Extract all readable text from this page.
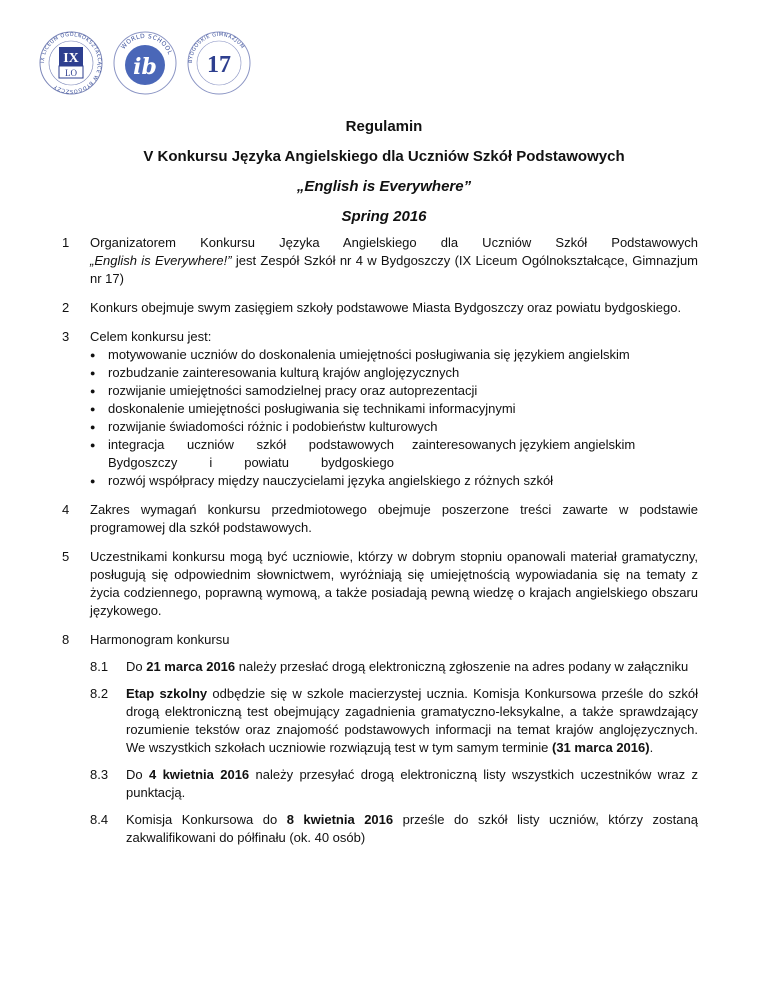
IX
LO
IX LICEUM OGÓLNOKSZTAŁCĄCE W BYDGOSZCZY
ib
WORLD SCHOOL 17
BYDGOSKIE GIMNAZJUM
Regulamin
V Konkursu Języka Angielskiego dla Uczniów Szkół Podstawowych
„English is Everywhere”
Spring 2016
1	Organizatorem Konkursu Języka Angielskiego dla Uczniów Szkół Podstawowych
„English is Everywhere!” jest Zespół Szkół nr 4 w Bydgoszczy (IX Liceum Ogólnokształcące, Gimnazjum nr 17)
2	Konkurs obejmuje swym zasięgiem szkoły podstawowe Miasta Bydgoszczy oraz powiatu bydgoskiego.
3	Celem konkursu jest:
● motywowanie uczniów do doskonalenia umiejętności posługiwania się językiem angielskim
● rozbudzanie zainteresowania kulturą krajów anglojęzycznych
● rozwijanie umiejętności samodzielnej pracy oraz autoprezentacji
● doskonalenie umiejętności posługiwania się technikami informacyjnymi
● rozwijanie świadomości różnic i podobieństw kulturowych
● integracja uczniów szkół podstawowych Bydgoszczy i powiatu bydgoskiego
zainteresowanych językiem angielskim
● rozwój współpracy między nauczycielami języka angielskiego z różnych szkół
4	Zakres wymagań konkursu przedmiotowego obejmuje poszerzone treści zawarte w podstawie programowej dla szkół podstawowych.
5	Uczestnikami konkursu mogą być uczniowie, którzy w dobrym stopniu opanowali materiał gramatyczny, posługują się odpowiednim słownictwem, wyróżniają się umiejętnością wypowiadania się na tematy z życia codziennego, poprawną wymową, a także posiadają pewną wiedzę o krajach angielskiego obszaru językowego.
8	Harmonogram konkursu
8.1	Do 21 marca 2016 należy przesłać drogą elektroniczną zgłoszenie na adres podany w załączniku
8.2	Etap szkolny odbędzie się w szkole macierzystej ucznia. Komisja Konkursowa prześle do szkół drogą elektroniczną test obejmujący zagadnienia gramatyczno-leksykalne, a także sprawdzający rozumienie tekstów oraz znajomość podstawowych informacji na temat krajów anglojęzycznych. We wszystkich szkołach uczniowie rozwiązują test w tym samym terminie (31 marca 2016).
8.3	Do 4 kwietnia 2016 należy przesyłać drogą elektroniczną listy wszystkich uczestników wraz z punktacją.
8.4	Komisja Konkursowa do 8 kwietnia 2016 prześle do szkół listy uczniów, którzy zostaną zakwalifikowani do półfinału (ok. 40 osób)
